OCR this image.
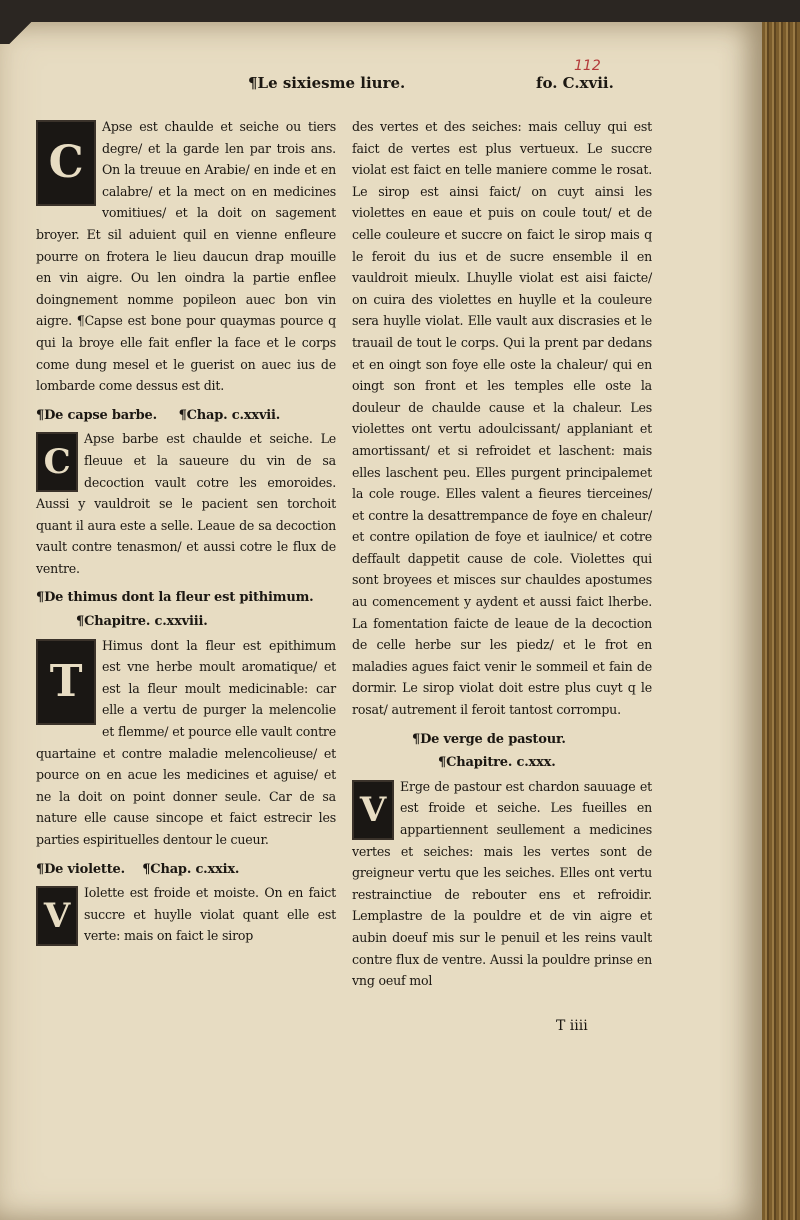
¶Le sixiesme liure.
112
fo. C.xvii.

C
Apse est chaulde et seiche ou tiers degre/ et la garde len par trois ans. On la treuue en Arabie/ en inde et en calabre/ et la mect on en medicines vomitiues/ et la doit on sagement broyer. Et sil aduient quil en vienne enfleure pourre on frotera le lieu daucun drap mouille en vin aigre. Ou len oindra la partie enflee doingnement nomme popileon auec bon vin aigre. ¶Capse est bone pour quaymas pource q qui la broye elle fait enfler la face et le corps come dung mesel et le guerist on auec ius de lombarde come dessus est dit.

¶De capse barbe. ¶Chap. c.xxvii.

C
Apse barbe est chaulde et seiche. Le fleuue et la saueure du vin de sa decoction vault cotre les emoroides. Aussi y vauldroit se le pacient sen torchoit quant il aura este a selle. Leaue de sa decoction vault contre tenasmon/ et aussi cotre le flux de ventre.

¶De thimus dont la fleur est pithimum.

¶Chapitre. c.xxviii.

T
Himus dont la fleur est epithimum est vne herbe moult aromatique/ et est la fleur moult medicinable: car elle a vertu de purger la melencolie et flemme/ et pource elle vault contre quartaine et contre maladie melencolieuse/ et pource on en acue les medicines et aguise/ et ne la doit on point donner seule. Car de sa nature elle cause sincope et faict estrecir les parties espirituelles dentour le cueur.

¶De violette. ¶Chap. c.xxix.

V
Iolette est froide et moiste. On en faict succre et huylle violat quant elle est verte: mais on faict le sirop

des vertes et des seiches: mais celluy qui est faict de vertes est plus vertueux. Le succre violat est faict en telle maniere comme le rosat. Le sirop est ainsi faict/ on cuyt ainsi les violettes en eaue et puis on coule tout/ et de celle couleure et succre on faict le sirop mais q le feroit du ius et de sucre ensemble il en vauldroit mieulx. Lhuylle violat est aisi faicte/ on cuira des violettes en huylle et la couleure sera huylle violat. Elle vault aux discrasies et le trauail de tout le corps. Qui la prent par dedans et en oingt son foye elle oste la chaleur/ qui en oingt son front et les temples elle oste la douleur de chaulde cause et la chaleur. Les violettes ont vertu adoulcissant/ applaniant et amortissant/ et si refroidet et laschent: mais elles laschent peu. Elles purgent principalemet la cole rouge. Elles valent a fieures tierceines/ et contre la desattrempance de foye en chaleur/ et contre opilation de foye et iaulnice/ et cotre deffault dappetit cause de cole. Violettes qui sont broyees et misces sur chauldes apostumes au comencement y aydent et aussi faict lherbe. La fomentation faicte de leaue de la decoction de celle herbe sur les piedz/ et le frot en maladies agues faict venir le sommeil et fain de dormir. Le sirop violat doit estre plus cuyt q le rosat/ autrement il feroit tantost corrompu.

¶De verge de pastour.

¶Chapitre. c.xxx.

V
Erge de pastour est chardon sauuage et est froide et seiche. Les fueilles en appartiennent seullement a medicines vertes et seiches: mais les vertes sont de greigneur vertu que les seiches. Elles ont vertu restrainctiue de rebouter ens et refroidir. Lemplastre de la pouldre et de vin aigre et aubin doeuf mis sur le penuil et les reins vault contre flux de ventre. Aussi la pouldre prinse en vng oeuf mol

T iiii
